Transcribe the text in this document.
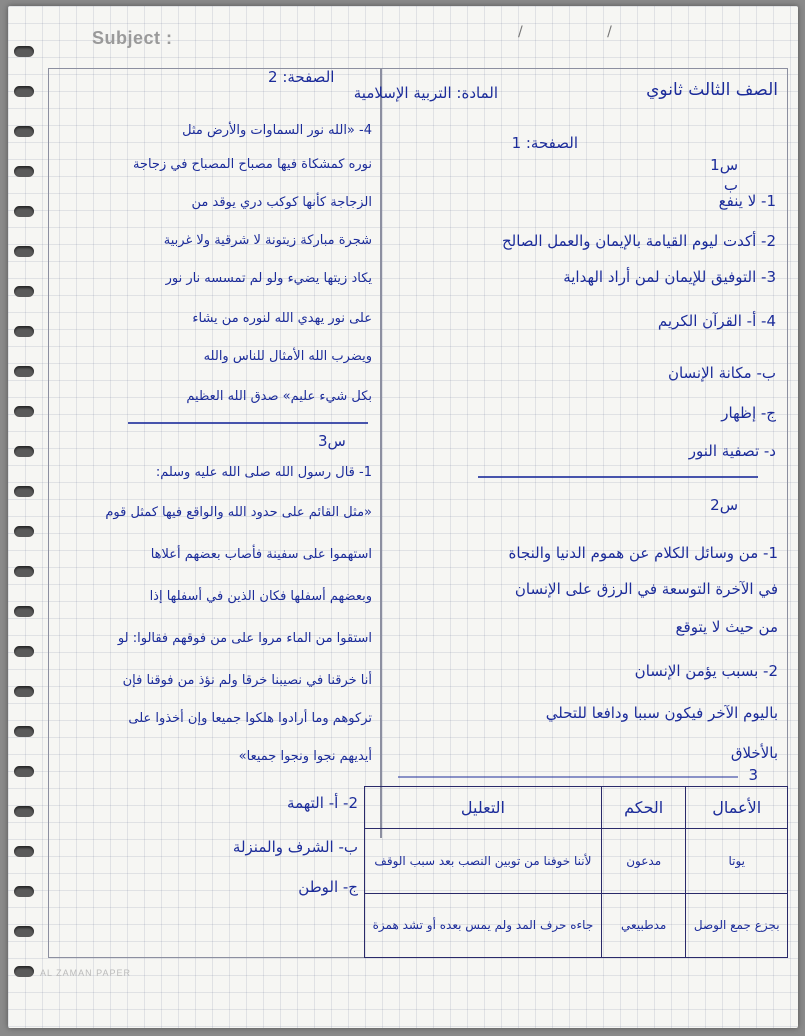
Subject :	/ /
الصف الثالث ثانوي
المادة: التربية الإسلامية
الصفحة: 1
س1
ب
1- لا ينفع
2- أكدت ليوم القيامة بالإيمان والعمل الصالح
3- التوفيق للإيمان لمن أراد الهداية
4- أ- القرآن الكريم
ب- مكانة الإنسان
ج- إظهار
د- تصفية النور
س2
1- من وسائل الكلام عن هموم الدنيا والنجاة
في الآخرة التوسعة في الرزق على الإنسان
من حيث لا يتوقع
2- بسبب يؤمن الإنسان
باليوم الآخر فيكون سببا ودافعا للتحلي
بالأخلاق
3
الصفحة: 2
4- «الله نور السماوات والأرض مثل
نوره كمشكاة فيها مصباح المصباح في زجاجة
الزجاجة كأنها كوكب دري يوقد من
شجرة مباركة زيتونة لا شرقية ولا غربية
يكاد زيتها يضيء ولو لم تمسسه نار نور
على نور يهدي الله لنوره من يشاء
ويضرب الله الأمثال للناس والله
بكل شيء عليم» صدق الله العظيم
س3
1- قال رسول الله صلى الله عليه وسلم:
«مثل القائم على حدود الله والواقع فيها كمثل قوم
استهموا على سفينة فأصاب بعضهم أعلاها
وبعضهم أسفلها فكان الذين في أسفلها إذا
استقوا من الماء مروا على من فوقهم فقالوا: لو
أنا خرقنا في نصيبنا خرقا ولم نؤذ من فوقنا فإن
تركوهم وما أرادوا هلكوا جميعا وإن أخذوا على
أيديهم نجوا ونجوا جميعا»
2- أ- التهمة
ب- الشرف والمنزلة
ج- الوطن
الأعمال	الحكم	التعليل
يوتا	مدعون	لأننا خوفنا من توبين النصب بعد سبب الوقف
بجزع جمع الوصل	مدطبيعي	جاءه حرف المد ولم يمس بعده أو تشد همزة
AL ZAMAN PAPER
